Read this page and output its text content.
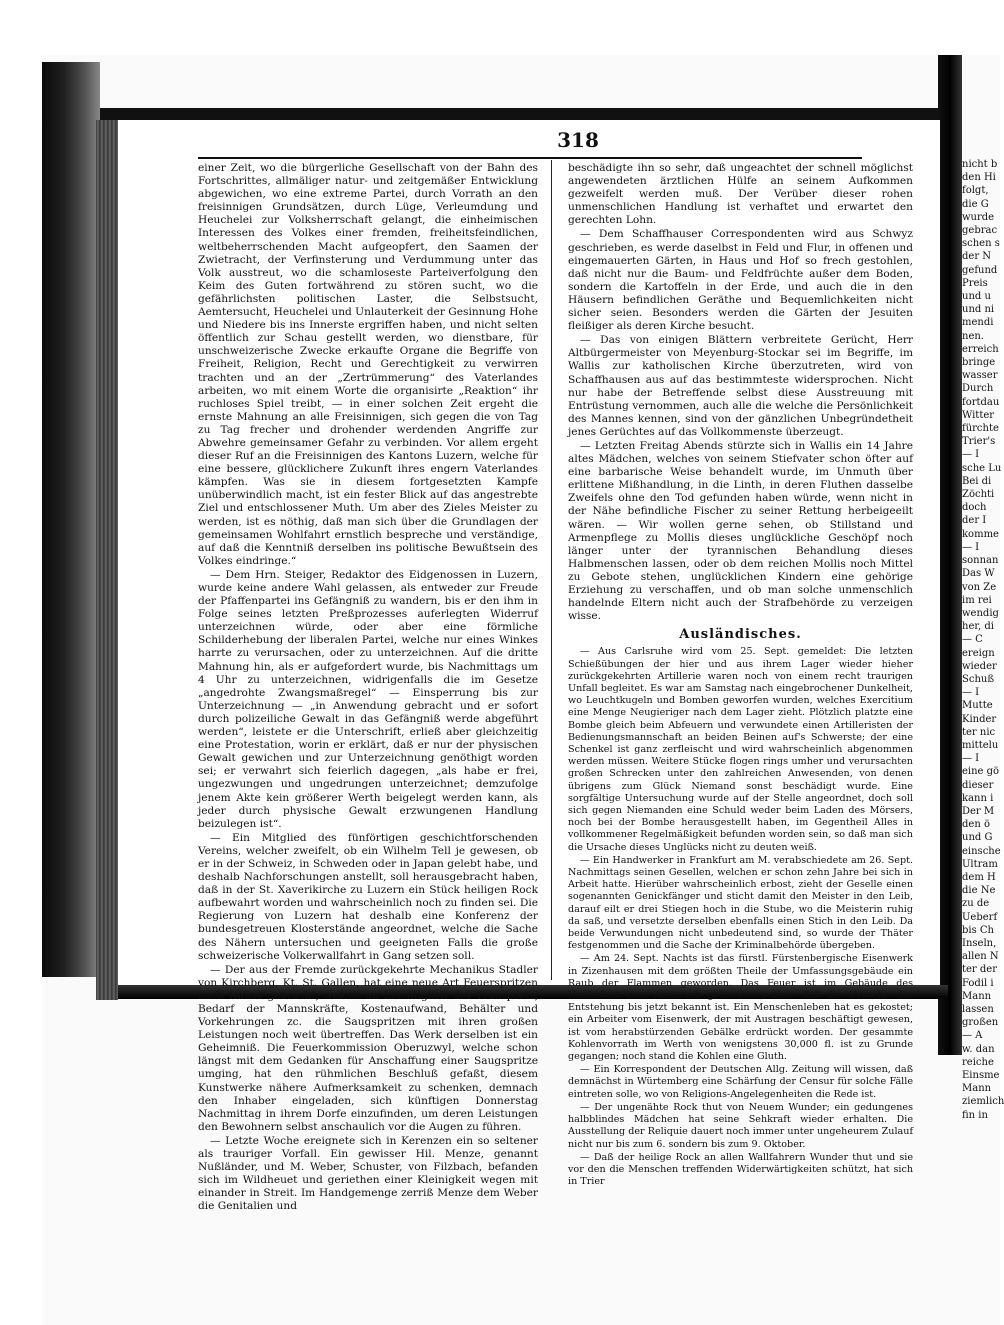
318

einer Zeit, wo die bürgerliche Gesellschaft von der Bahn des Fortschrittes, allmäliger natur- und zeitgemäßer Entwicklung abgewichen, wo eine extreme Partei, durch Vorrath an den freisinnigen Grundsätzen, durch Lüge, Verleumdung und Heuchelei zur Volksherrschaft gelangt, die einheimischen Interessen des Volkes einer fremden, freiheitsfeindlichen, weltbeherrschenden Macht aufgeopfert, den Saamen der Zwietracht, der Verfinsterung und Verdummung unter das Volk ausstreut, wo die schamloseste Parteiverfolgung den Keim des Guten fortwährend zu stören sucht, wo die gefährlichsten politischen Laster, die Selbstsucht, Aemtersucht, Heuchelei und Unlauterkeit der Gesinnung Hohe und Niedere bis ins Innerste ergriffen haben, und nicht selten öffentlich zur Schau gestellt werden, wo dienstbare, für unschweizerische Zwecke erkaufte Organe die Begriffe von Freiheit, Religion, Recht und Gerechtigkeit zu verwirren trachten und an der „Zertrümmerung“ des Vaterlandes arbeiten, wo mit einem Worte die organisirte „Reaktion“ ihr ruchloses Spiel treibt, — in einer solchen Zeit ergeht die ernste Mahnung an alle Freisinnigen, sich gegen die von Tag zu Tag frecher und drohender werdenden Angriffe zur Abwehre gemeinsamer Gefahr zu verbinden. Vor allem ergeht dieser Ruf an die Freisinnigen des Kantons Luzern, welche für eine bessere, glücklichere Zukunft ihres engern Vaterlandes kämpfen. Was sie in diesem fortgesetzten Kampfe unüberwindlich macht, ist ein fester Blick auf das angestrebte Ziel und entschlossener Muth. Um aber des Zieles Meister zu werden, ist es nöthig, daß man sich über die Grundlagen der gemeinsamen Wohlfahrt ernstlich bespreche und verständige, auf daß die Kenntniß derselben ins politische Bewußtsein des Volkes eindringe.“

— Dem Hrn. Steiger, Redaktor des Eidgenossen in Luzern, wurde keine andere Wahl gelassen, als entweder zur Freude der Pfaffenpartei ins Gefängniß zu wandern, bis er den ihm in Folge seines letzten Preßprozesses auferlegten Widerruf unterzeichnen würde, oder aber eine förmliche Schilderhebung der liberalen Partei, welche nur eines Winkes harrte zu verursachen, oder zu unterzeichnen. Auf die dritte Mahnung hin, als er aufgefordert wurde, bis Nachmittags um 4 Uhr zu unterzeichnen, widrigenfalls die im Gesetze „angedrohte Zwangsmaßregel“ — Einsperrung bis zur Unterzeichnung — „in Anwendung gebracht und er sofort durch polizeiliche Gewalt in das Gefängniß werde abgeführt werden“, leistete er die Unterschrift, erließ aber gleichzeitig eine Protestation, worin er erklärt, daß er nur der physischen Gewalt gewichen und zur Unterzeichnung genöthigt worden sei; er verwahrt sich feierlich dagegen, „als habe er frei, ungezwungen und ungedrungen unterzeichnet; demzufolge jenem Akte kein größerer Werth beigelegt werden kann, als jeder durch physische Gewalt erzwungenen Handlung beizulegen ist“.

— Ein Mitglied des fünförtigen geschichtforschenden Vereins, welcher zweifelt, ob ein Wilhelm Tell je gewesen, ob er in der Schweiz, in Schweden oder in Japan gelebt habe, und deshalb Nachforschungen anstellt, soll herausgebracht haben, daß in der St. Xaverikirche zu Luzern ein Stück heiligen Rock aufbewahrt worden und wahrscheinlich noch zu finden sei. Die Regierung von Luzern hat deshalb eine Konferenz der bundesgetreuen Klosterstände angeordnet, welche die Sache des Nähern untersuchen und geeigneten Falls die große schweizerische Volkerwallfahrt in Gang setzen soll.

— Der aus der Fremde zurückgekehrte Mechanikus Stadler von Kirchberg, Kt. St. Gallen, hat eine neue Art Feuerspritzen nach Hause gebracht, welche an Leichtigkeit des Transports, Bedarf der Mannskräfte, Kostenaufwand, Behälter und Vorkehrungen zc. die Saugspritzen mit ihren großen Leistungen noch weit übertreffen. Das Werk derselben ist ein Geheimniß. Die Feuerkommission Oberuzwyl, welche schon längst mit dem Gedanken für Anschaffung einer Saugspritze umging, hat den rühmlichen Beschluß gefaßt, diesem Kunstwerke nähere Aufmerksamkeit zu schenken, demnach den Inhaber eingeladen, sich künftigen Donnerstag Nachmittag in ihrem Dorfe einzufinden, um deren Leistungen den Bewohnern selbst anschaulich vor die Augen zu führen.

— Letzte Woche ereignete sich in Kerenzen ein so seltener als trauriger Vorfall. Ein gewisser Hil. Menze, genannt Nußländer, und M. Weber, Schuster, von Filzbach, befanden sich im Wildheuet und geriethen einer Kleinigkeit wegen mit einander in Streit. Im Handgemenge zerriß Menze dem Weber die Genitalien und

beschädigte ihn so sehr, daß ungeachtet der schnell möglichst angewendeten ärztlichen Hülfe an seinem Aufkommen gezweifelt werden muß. Der Verüber dieser rohen unmenschlichen Handlung ist verhaftet und erwartet den gerechten Lohn.

— Dem Schaffhauser Correspondenten wird aus Schwyz geschrieben, es werde daselbst in Feld und Flur, in offenen und eingemauerten Gärten, in Haus und Hof so frech gestohlen, daß nicht nur die Baum- und Feldfrüchte außer dem Boden, sondern die Kartoffeln in der Erde, und auch die in den Häusern befindlichen Geräthe und Bequemlichkeiten nicht sicher seien. Besonders werden die Gärten der Jesuiten fleißiger als deren Kirche besucht.

— Das von einigen Blättern verbreitete Gerücht, Herr Altbürgermeister von Meyenburg-Stockar sei im Begriffe, im Wallis zur katholischen Kirche überzutreten, wird von Schaffhausen aus auf das bestimmteste widersprochen. Nicht nur habe der Betreffende selbst diese Ausstreuung mit Entrüstung vernommen, auch alle die welche die Persönlichkeit des Mannes kennen, sind von der gänzlichen Unbegründetheit jenes Gerüchtes auf das Vollkommenste überzeugt.

— Letzten Freitag Abends stürzte sich in Wallis ein 14 Jahre altes Mädchen, welches von seinem Stiefvater schon öfter auf eine barbarische Weise behandelt wurde, im Unmuth über erlittene Mißhandlung, in die Linth, in deren Fluthen dasselbe Zweifels ohne den Tod gefunden haben würde, wenn nicht in der Nähe befindliche Fischer zu seiner Rettung herbeigeeilt wären. — Wir wollen gerne sehen, ob Stillstand und Armenpflege zu Mollis dieses unglückliche Geschöpf noch länger unter der tyrannischen Behandlung dieses Halbmenschen lassen, oder ob dem reichen Mollis noch Mittel zu Gebote stehen, unglücklichen Kindern eine gehörige Erziehung zu verschaffen, und ob man solche unmenschlich handelnde Eltern nicht auch der Strafbehörde zu verzeigen wisse.

Ausländisches.

— Aus Carlsruhe wird vom 25. Sept. gemeldet: Die letzten Schießübungen der hier und aus ihrem Lager wieder hieher zurückgekehrten Artillerie waren noch von einem recht traurigen Unfall begleitet. Es war am Samstag nach eingebrochener Dunkelheit, wo Leuchtkugeln und Bomben geworfen wurden, welches Exercitium eine Menge Neugieriger nach dem Lager zieht. Plötzlich platzte eine Bombe gleich beim Abfeuern und verwundete einen Artilleristen der Bedienungsmannschaft an beiden Beinen auf's Schwerste; der eine Schenkel ist ganz zerfleischt und wird wahrscheinlich abgenommen werden müssen. Weitere Stücke flogen rings umher und verursachten großen Schrecken unter den zahlreichen Anwesenden, von denen übrigens zum Glück Niemand sonst beschädigt wurde. Eine sorgfältige Untersuchung wurde auf der Stelle angeordnet, doch soll sich gegen Niemanden eine Schuld weder beim Laden des Mörsers, noch bei der Bombe herausgestellt haben, im Gegentheil Alles in vollkommener Regelmäßigkeit befunden worden sein, so daß man sich die Ursache dieses Unglücks nicht zu deuten weiß.

— Ein Handwerker in Frankfurt am M. verabschiedete am 26. Sept. Nachmittags seinen Gesellen, welchen er schon zehn Jahre bei sich in Arbeit hatte. Hierüber wahrscheinlich erbost, zieht der Geselle einen sogenannten Genickfänger und sticht damit den Meister in den Leib, darauf eilt er drei Stiegen hoch in die Stube, wo die Meisterin ruhig da saß, und versetzte derselben ebenfalls einen Stich in den Leib. Da beide Verwundungen nicht unbedeutend sind, so wurde der Thäter festgenommen und die Sache der Kriminalbehörde übergeben.

— Am 24. Sept. Nachts ist das fürstl. Fürstenbergische Eisenwerk in Zizenhausen mit dem größten Theile der Umfassungsgebäude ein Raub der Flammen geworden. Das Feuer ist im Gebäude des Hochofens zum Ausbruch gekommen, ohne daß die Ursache der Entstehung bis jetzt bekannt ist. Ein Menschenleben hat es gekostet; ein Arbeiter vom Eisenwerk, der mit Austragen beschäftigt gewesen, ist vom herabstürzenden Gebälke erdrückt worden. Der gesammte Kohlenvorrath im Werth von wenigstens 30,000 fl. ist zu Grunde gegangen; noch stand die Kohlen eine Gluth.

— Ein Korrespondent der Deutschen Allg. Zeitung will wissen, daß demnächst in Würtemberg eine Schärfung der Censur für solche Fälle eintreten solle, wo von Religions-Angelegenheiten die Rede ist.

— Der ungenähte Rock thut von Neuem Wunder; ein gedungenes halbblindes Mädchen hat seine Sehkraft wieder erhalten. Die Ausstellung der Reliquie dauert noch immer unter ungeheurem Zulauf nicht nur bis zum 6. sondern bis zum 9. Oktober.

— Daß der heilige Rock an allen Wallfahrern Wunder thut und sie vor den die Menschen treffenden Widerwärtigkeiten schützt, hat sich in Trier

nicht b
den Hi
folgt,
die G
wurde
gebrac
schen s
der N
gefund
Preis
und u
und ni
mendi
nen.
erreich
bringe
wasser
Durch
fortdau
Witter
fürchte
Trier's
— I
sche Lu
Bei di
Zöchti
doch
der I
komme
— I
sonnan
Das W
von Ze
im rei
wendig
her, di
— C
ereign
wieder
Schuß
— I
Mutte
Kinder
ter nic
mittelu
— I
eine gö
dieser
kann i
Der M
den ö
und G
einsche
Ultram
dem H
die Ne
zu de
Ueberf
bis Ch
Inseln,
allen N
ter der
Fodil i
Mann
lassen
großen
— A
w. dan
reiche
Einsme
Mann
ziemlich
fin in
